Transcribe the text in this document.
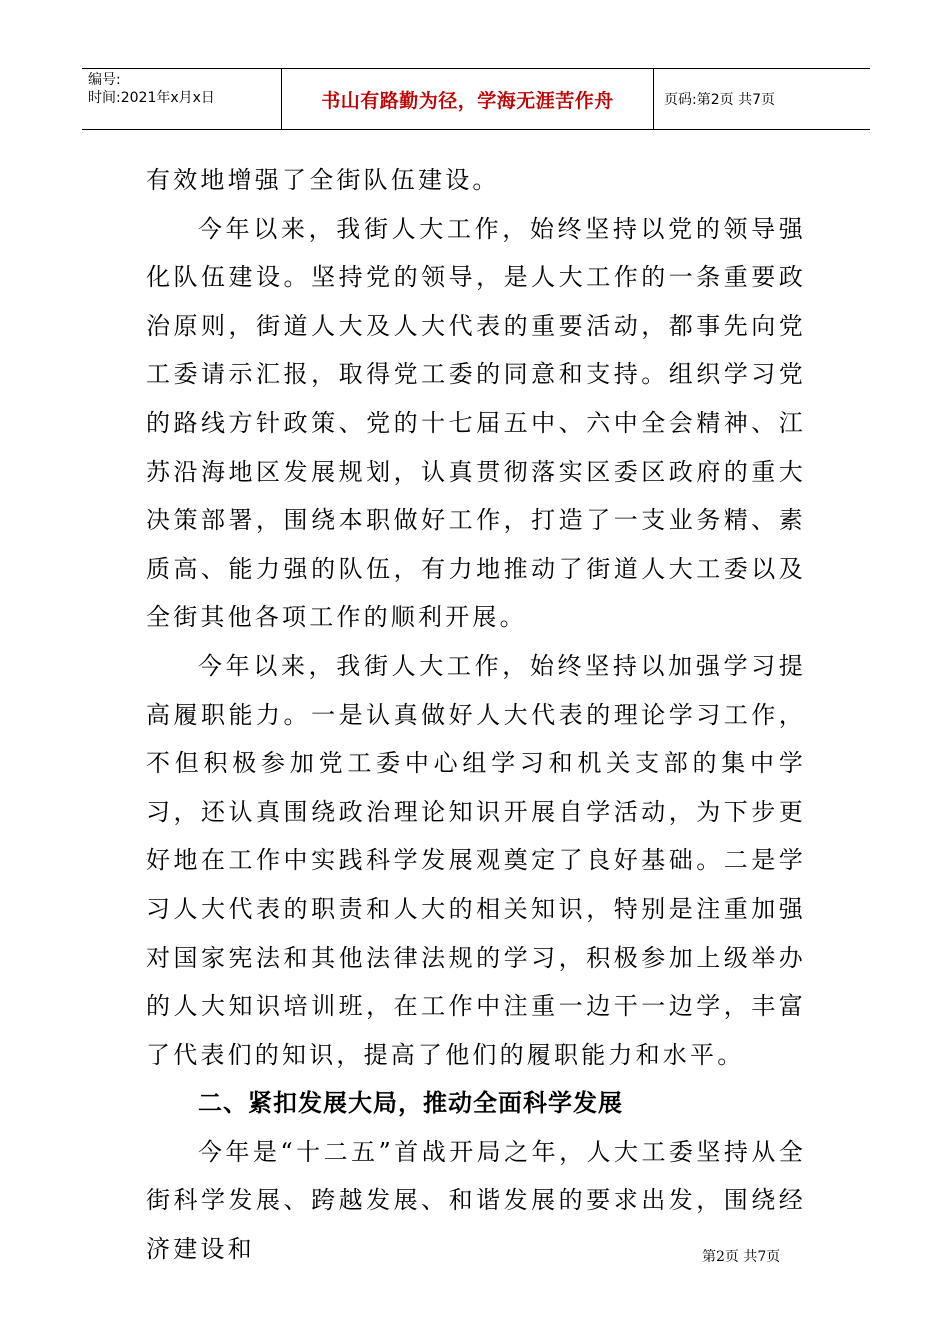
编号:
时间:2021年x月x日	书山有路勤为径，学海无涯苦作舟	页码:第2页 共7页

有效地增强了全街队伍建设。

今年以来，我街人大工作，始终坚持以党的领导强化队伍建设。坚持党的领导，是人大工作的一条重要政治原则，街道人大及人大代表的重要活动，都事先向党工委请示汇报，取得党工委的同意和支持。组织学习党的路线方针政策、党的十七届五中、六中全会精神、江苏沿海地区发展规划，认真贯彻落实区委区政府的重大决策部署，围绕本职做好工作，打造了一支业务精、素质高、能力强的队伍，有力地推动了街道人大工委以及全街其他各项工作的顺利开展。

今年以来，我街人大工作，始终坚持以加强学习提高履职能力。一是认真做好人大代表的理论学习工作，不但积极参加党工委中心组学习和机关支部的集中学习，还认真围绕政治理论知识开展自学活动，为下步更好地在工作中实践科学发展观奠定了良好基础。二是学习人大代表的职责和人大的相关知识，特别是注重加强对国家宪法和其他法律法规的学习，积极参加上级举办的人大知识培训班，在工作中注重一边干一边学，丰富了代表们的知识，提高了他们的履职能力和水平。

二、紧扣发展大局，推动全面科学发展

今年是“十二五”首战开局之年，人大工委坚持从全街科学发展、跨越发展、和谐发展的要求出发，围绕经济建设和	第2页 共7页
